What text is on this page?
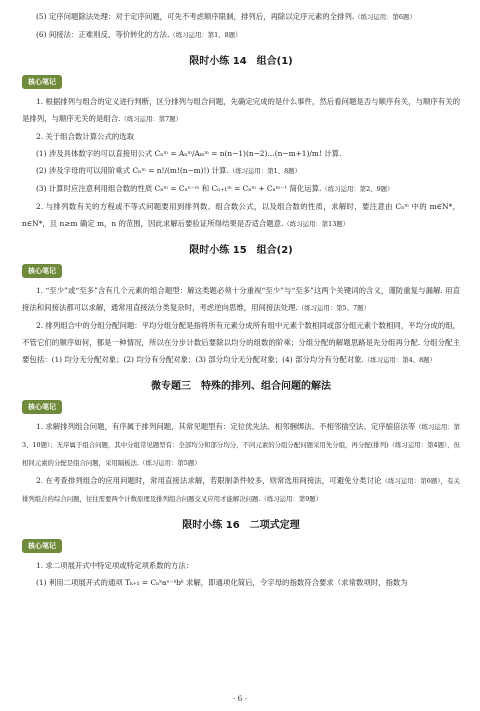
(5) 定序问题除法处理：对于定序问题，可先不考虑顺序限制，排列后，再除以定序元素的全排列.（练习运用：第6题）

(6) 间接法：正难则反、等价转化的方法.（练习运用：第1、8题）

限时小练 14　组合(1)
核心笔记

1. 根据排列与组合的定义进行判断，区分排列与组合问题，先确定完成的是什么事件，然后看问题是否与顺序有关，与顺序有关的是排列，与顺序无关的是组合.（练习运用：第7题）

2. 关于组合数计算公式的选取

(1) 涉及具体数字的可以直接用公式 Cₙᵐ = Aₙᵐ/Aₘᵐ = n(n−1)(n−2)…(n−m+1)/m! 计算.

(2) 涉及字母的可以用阶乘式 Cₙᵐ = n!/(m!(n−m)!) 计算.（练习运用：第1、8题）

(3) 计算时应注意利用组合数的性质 Cₙᵐ = Cₙⁿ⁻ᵐ 和 Cₙ₊₁ᵐ = Cₙᵐ + Cₙᵐ⁻¹ 简化运算.（练习运用：第2、9题）

2. 与排列数有关的方程或不等式问题要用到排列数、组合数公式，以及组合数的性质，求解时，要注意由 Cₙᵐ 中的 m∈N*，n∈N*，且 n≥m 确定 m，n 的范围，因此求解后要验证所得结果是否适合题意.（练习运用：第13题）

限时小练 15　组合(2)
核心笔记

1. “至少”或“至多”含有几个元素的组合题型：解这类题必须十分重视“至少”与“至多”这两个关键词的含义，谨防重复与漏解. 用直接法和间接法都可以求解，通常用直接法分类复杂时，考虑逆向思维，用间接法处理.（练习运用：第5、7题）

2. 排列组合中的分组分配问题：平均分组分配是指将所有元素分成所有组中元素个数相同或部分组元素个数相同，平均分成的组，不管它们的顺序如何，都是一种情况，所以在分步计数后要除以均分的组数的阶乘；分组分配的解题思路是先分组再分配. 分组分配主要包括：(1) 均分无分配对象；(2) 均分有分配对象；(3) 部分均分无分配对象；(4) 部分均分有分配对象.（练习运用：第4、8题）

微专题三　特殊的排列、组合问题的解法
核心笔记

1. 求解排列组合问题，有序属于排列问题，其常见题型有：定位优先法、相邻捆绑法、不相邻插空法、定序缩倍法等（练习运用：第3、10题）；无序属于组合问题，其中分组常见题型有：全部均分和部分均分，不同元素的分组分配问题采用先分组，再分配(排列)（练习运用：第4题），但相同元素的分配是组合问题，采用隔板法.（练习运用：第5题）

2. 在考查排列组合的应用问题时，常用直接法求解，若限制条件较多，则常选用间接法，可避免分类讨论（练习运用：第6题），有关排列组合的综合问题，往往需要两个计数原理及排列组合问题交叉应用才能解决问题.（练习运用：第9题）

限时小练 16　二项式定理
核心笔记

1. 求二项展开式中特定项或特定项系数的方法：

(1) 利用二项展开式的通项 Tₖ₊₁ = Cₙᵏaⁿ⁻ᵏbᵏ 求解，即通项化简后，令字母的指数符合要求（求常数项时，指数为

· 6 ·
